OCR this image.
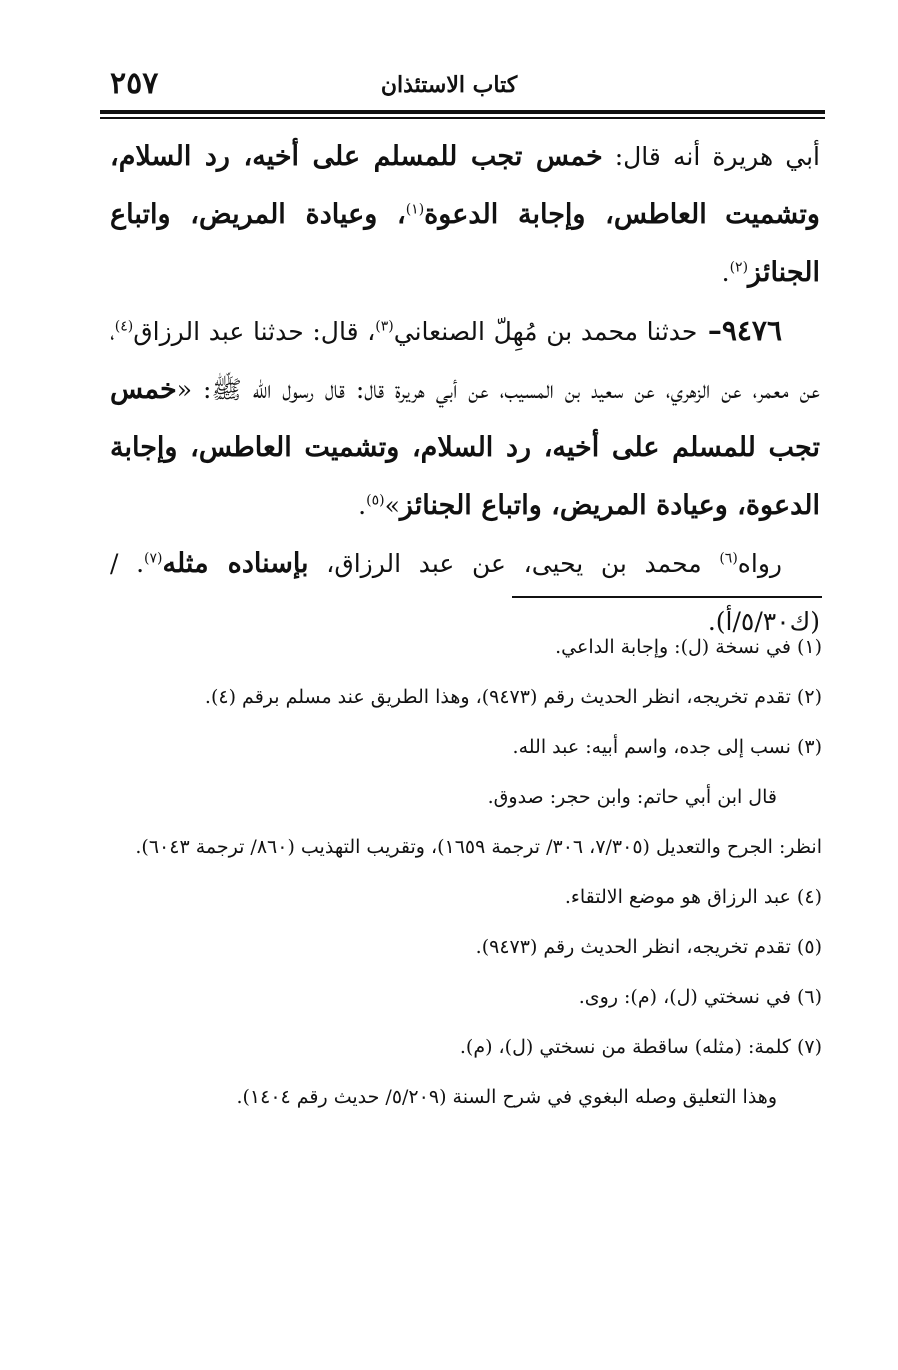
٢٥٧	كتاب الاستئذان

أبي هريرة أنه قال: خمس تجب للمسلم على أخيه، رد السلام، وتشميت العاطس، وإجابة الدعوة$^{(١)}$، وعيادة المريض، واتباع الجنائز$^{(٢)}$.

٩٤٧٦– حدثنا محمد بن مُهِلّ الصنعاني$^{(٣)}$، قال: حدثنا عبد الرزاق$^{(٤)}$، عن معمر، عن الزهري، عن سعيد بن المسيب، عن أبي هريرة قال: قال رسول الله ﷺ: «خمس تجب للمسلم على أخيه، رد السلام، وتشميت العاطس، وإجابة الدعوة، وعيادة المريض، واتباع الجنائز»$^{(٥)}$.

رواه$^{(٦)}$ محمد بن يحيى، عن عبد الرزاق، بإسناده مثله$^{(٧)}$. / (ك٥/٣٠/أ).

(١) في نسخة (ل): وإجابة الداعي.

(٢) تقدم تخريجه، انظر الحديث رقم (٩٤٧٣)، وهذا الطريق عند مسلم برقم (٤).

(٣) نسب إلى جده، واسم أبيه: عبد الله.

قال ابن أبي حاتم: وابن حجر: صدوق.

انظر: الجرح والتعديل (٧/٣٠٥، ٣٠٦/ ترجمة ١٦٥٩)، وتقريب التهذيب (٨٦٠/ ترجمة ٦٠٤٣).

(٤) عبد الرزاق هو موضع الالتقاء.

(٥) تقدم تخريجه، انظر الحديث رقم (٩٤٧٣).

(٦) في نسختي (ل)، (م): روى.

(٧) كلمة: (مثله) ساقطة من نسختي (ل)، (م).

وهذا التعليق وصله البغوي في شرح السنة (٥/٢٠٩/ حديث رقم ١٤٠٤).
